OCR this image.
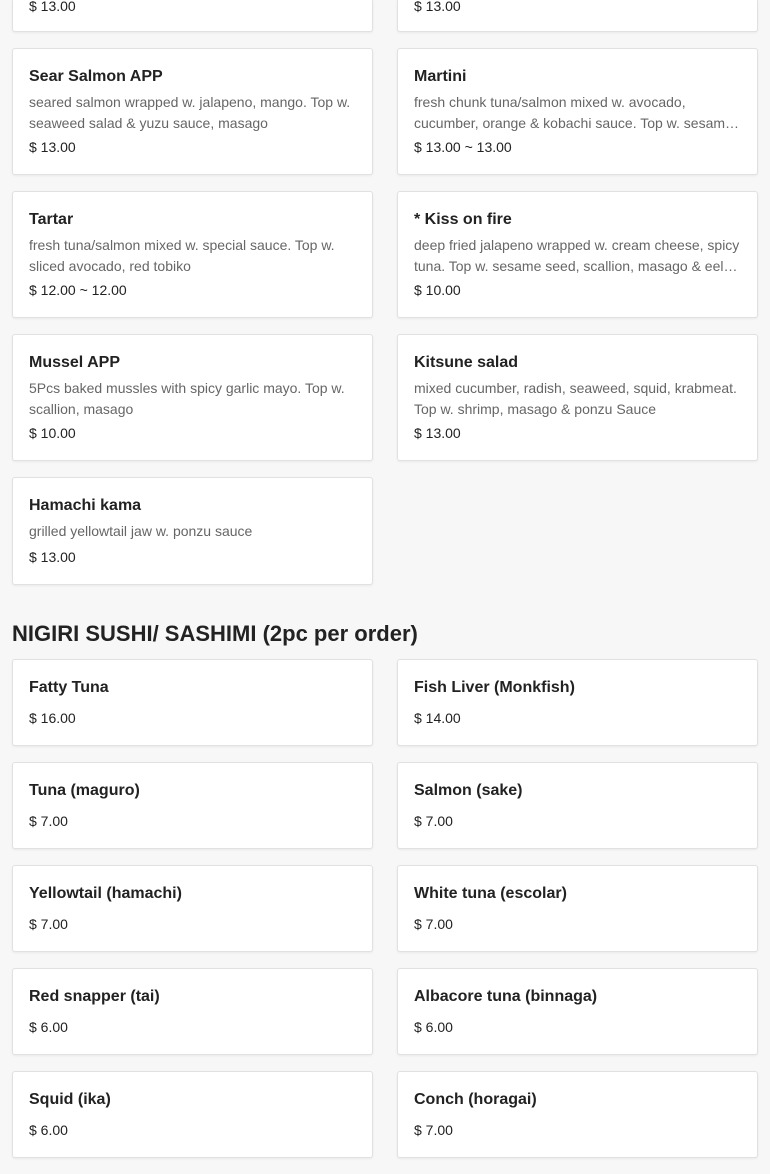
$ 13.00	$ 13.00
Sear Salmon APP
seared salmon wrapped w. jalapeno, mango. Top w. seaweed salad & yuzu sauce, masago
$ 13.00
Martini
fresh chunk tuna/salmon mixed w. avocado, cucumber, orange & kobachi sauce. Top w. sesame
$ 13.00 ~ 13.00
Tartar
fresh tuna/salmon mixed w. special sauce. Top w. sliced avocado, red tobiko
$ 12.00 ~ 12.00
* Kiss on fire
deep fried jalapeno wrapped w. cream cheese, spicy tuna. Top w. sesame seed, scallion, masago & eel
$ 10.00
Mussel APP
5Pcs baked mussles with spicy garlic mayo. Top w. scallion, masago
$ 10.00
Kitsune salad
mixed cucumber, radish, seaweed, squid, krabmeat. Top w. shrimp, masago & ponzu Sauce
$ 13.00
Hamachi kama
grilled yellowtail jaw w. ponzu sauce
$ 13.00
NIGIRI SUSHI/ SASHIMI (2pc per order)
Fatty Tuna
$ 16.00
Fish Liver (Monkfish)
$ 14.00
Tuna (maguro)
$ 7.00
Salmon (sake)
$ 7.00
Yellowtail (hamachi)
$ 7.00
White tuna (escolar)
$ 7.00
Red snapper (tai)
$ 6.00
Albacore tuna (binnaga)
$ 6.00
Squid (ika)
$ 6.00
Conch (horagai)
$ 7.00
